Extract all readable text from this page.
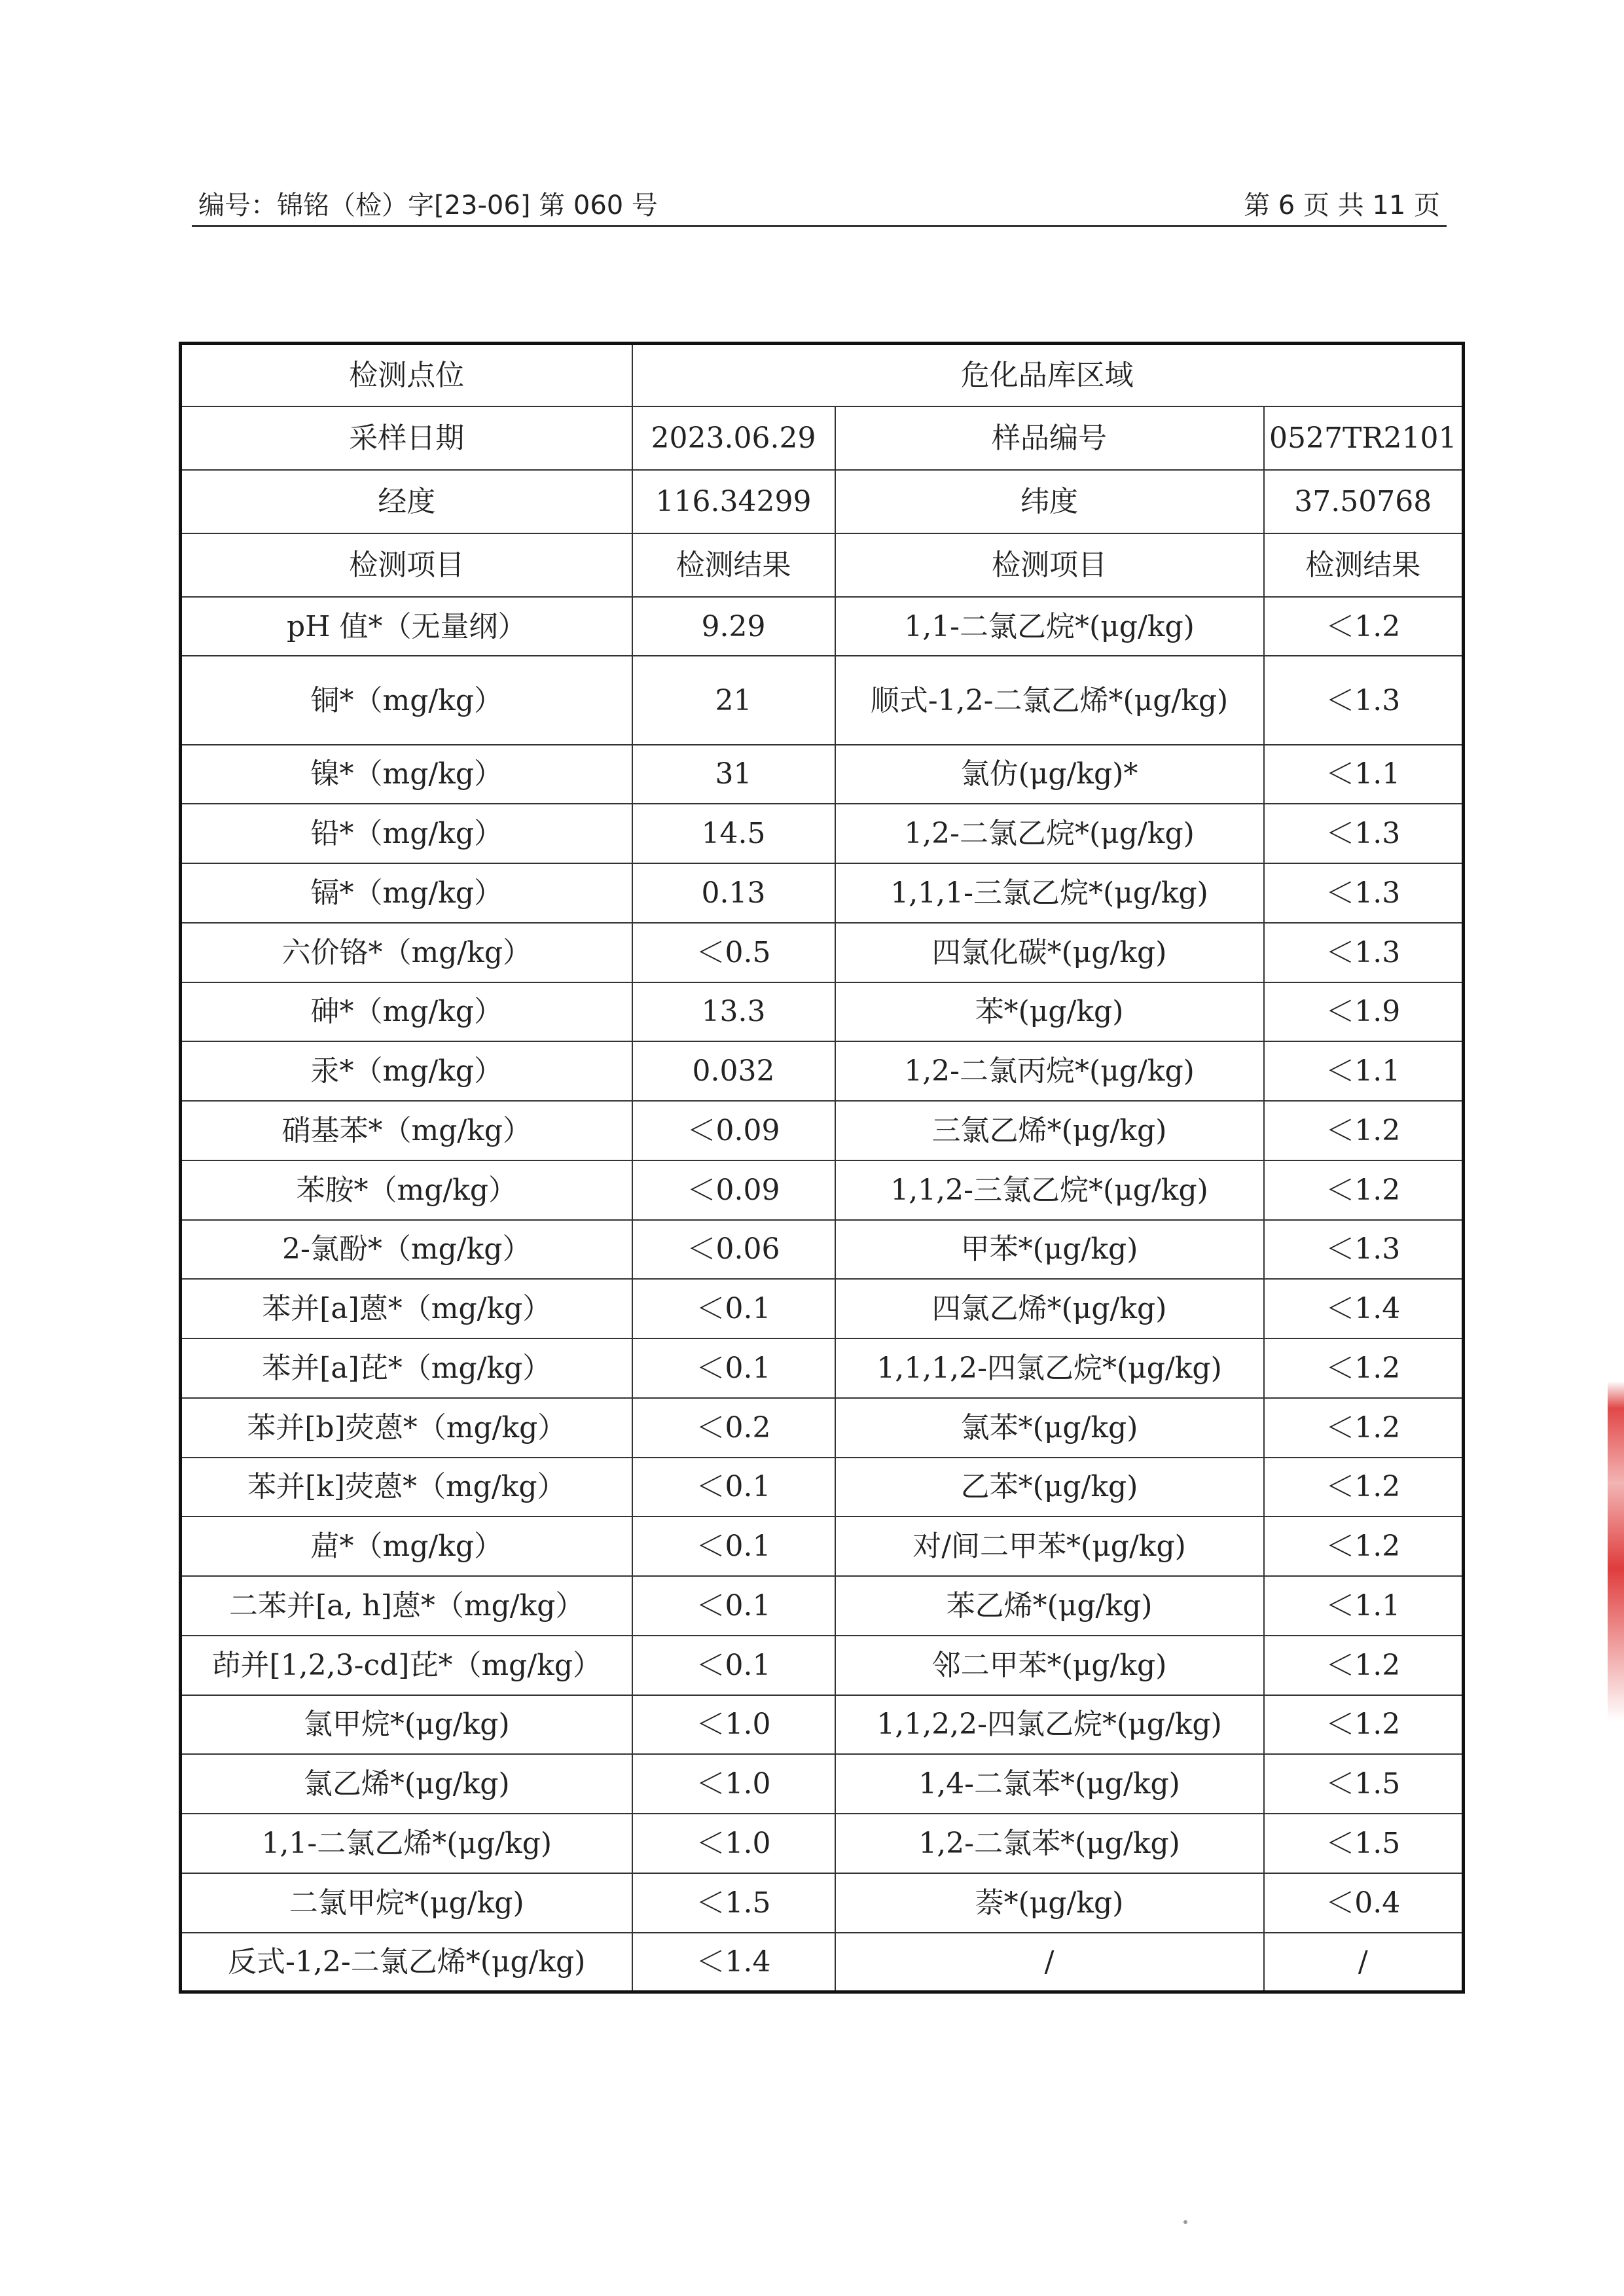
编号：锦铭（检）字[23-06] 第 060 号	第 6 页 共 11 页
检测点位	危化品库区域		
采样日期	2023.06.29	样品编号	0527TR2101
经度	116.34299	纬度	37.50768
检测项目	检测结果	检测项目	检测结果
pH 值*（无量纲）	9.29	1,1-二氯乙烷*(μg/kg)	＜1.2
铜*（mg/kg）	21	顺式-1,2-二氯乙烯*(μg/kg)	＜1.3
镍*（mg/kg）	31	氯仿(μg/kg)*	＜1.1
铅*（mg/kg）	14.5	1,2-二氯乙烷*(μg/kg)	＜1.3
镉*（mg/kg）	0.13	1,1,1-三氯乙烷*(μg/kg)	＜1.3
六价铬*（mg/kg）	＜0.5	四氯化碳*(μg/kg)	＜1.3
砷*（mg/kg）	13.3	苯*(μg/kg)	＜1.9
汞*（mg/kg）	0.032	1,2-二氯丙烷*(μg/kg)	＜1.1
硝基苯*（mg/kg）	＜0.09	三氯乙烯*(μg/kg)	＜1.2
苯胺*（mg/kg）	＜0.09	1,1,2-三氯乙烷*(μg/kg)	＜1.2
2-氯酚*（mg/kg）	＜0.06	甲苯*(μg/kg)	＜1.3
苯并[a]蒽*（mg/kg）	＜0.1	四氯乙烯*(μg/kg)	＜1.4
苯并[a]芘*（mg/kg）	＜0.1	1,1,1,2-四氯乙烷*(μg/kg)	＜1.2
苯并[b]荧蒽*（mg/kg）	＜0.2	氯苯*(μg/kg)	＜1.2
苯并[k]荧蒽*（mg/kg）	＜0.1	乙苯*(μg/kg)	＜1.2
䓛*（mg/kg）	＜0.1	对/间二甲苯*(μg/kg)	＜1.2
二苯并[a, h]蒽*（mg/kg）	＜0.1	苯乙烯*(μg/kg)	＜1.1
茚并[1,2,3-cd]芘*（mg/kg）	＜0.1	邻二甲苯*(μg/kg)	＜1.2
氯甲烷*(μg/kg)	＜1.0	1,1,2,2-四氯乙烷*(μg/kg)	＜1.2
氯乙烯*(μg/kg)	＜1.0	1,4-二氯苯*(μg/kg)	＜1.5
1,1-二氯乙烯*(μg/kg)	＜1.0	1,2-二氯苯*(μg/kg)	＜1.5
二氯甲烷*(μg/kg)	＜1.5	萘*(μg/kg)	＜0.4
反式-1,2-二氯乙烯*(μg/kg)	＜1.4	/	/
